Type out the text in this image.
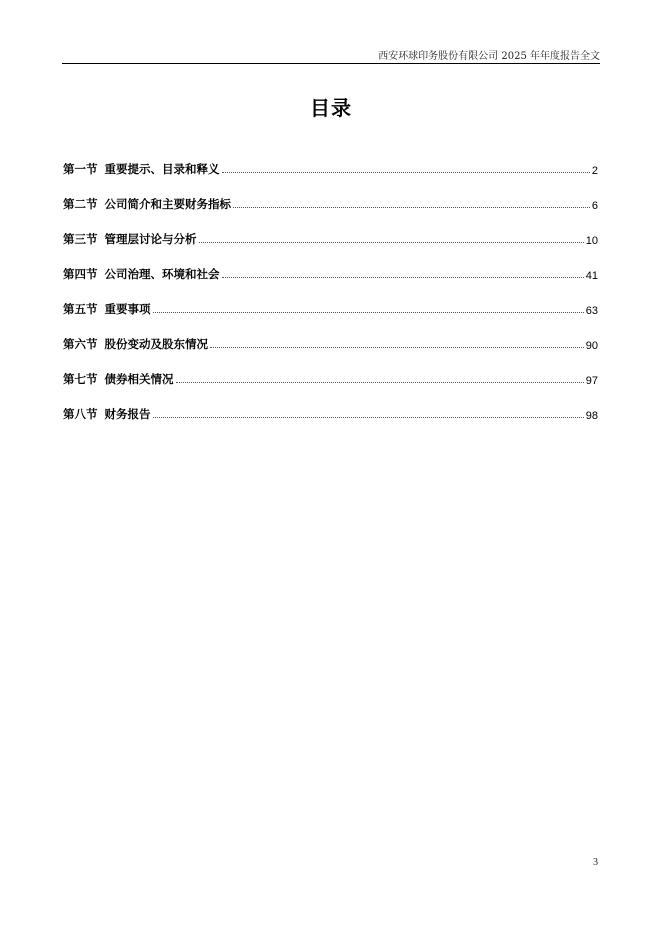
西安环球印务股份有限公司 2025 年年度报告全文
目录
第一节 重要提示、目录和释义	2
第二节 公司简介和主要财务指标	6
第三节 管理层讨论与分析	10
第四节 公司治理、环境和社会	41
第五节 重要事项	63
第六节 股份变动及股东情况	90
第七节 债券相关情况	97
第八节 财务报告	98
3
